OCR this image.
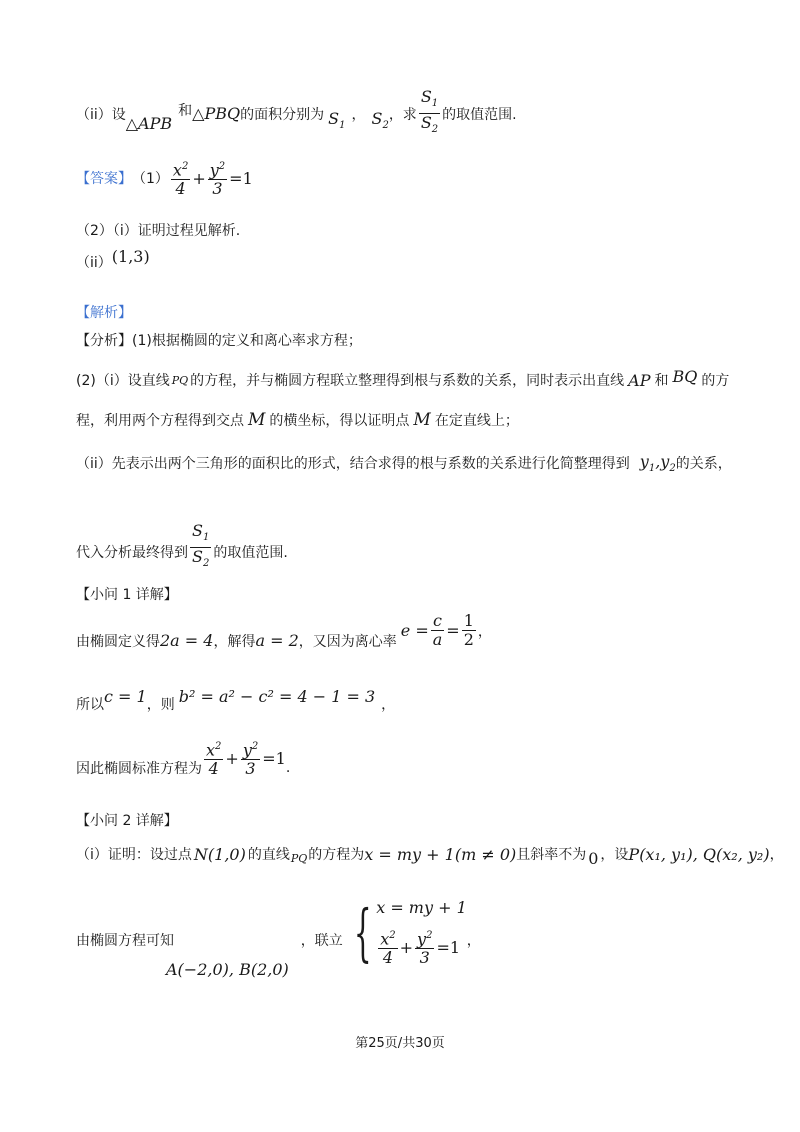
（ii）设 △APB
和 △PBQ 的面积分别为 $S_1$
， $S_2$
，求 $\frac{S_1}{S_2}$ 的取值范围.
【答案】 $(1) \frac{x^2}{4} + \frac{y^2}{3} =1$
（2）（i）证明过程见解析.
（ii） (1,3)
【解析】
【分析】(1)根据椭圆的定义和离心率求方程；
(2)（i）设直线 PQ 的方程，并与椭圆方程联立整理得到根与系数的关系，同时表示出直线 AP 和 BQ 的方
程，利用两个方程得到交点 M 的横坐标，得以证明点 M 在定直线上；
（ii）先表示出两个三角形的面积比的形式，结合求得的根与系数的关系进行化简整理得到 $y_1,y_2$ 的关系，
代入分析最终得到 $\frac{S_1}{S_2}$ 的取值范围.
【小问 1 详解】
由椭圆定义得 2a = 4 ，解得 a = 2 ，又因为离心率
$e = \frac{c}{a} = \frac{1}{2}$ ，
所以 c = 1 ，则 b² = a² − c² = 4 − 1 = 3 ，
因此椭圆标准方程为 $\frac{x^2}{4} + \frac{y^2}{3} =1$
.
【小问 2 详解】
（i）证明：设过点 N(1,0) 的直线 PQ 的方程为 x = my + 1(m ≠ 0) 且斜率不为 0 ，设 P(x₁, y₁), Q(x₂, y₂) ，
由椭圆方程可知
A(−2,0), B(2,0)
，联立 { x = my + 1
$\frac{x^2}{4} + \frac{y^2}{3} =1$ ，
第25页/共30页
